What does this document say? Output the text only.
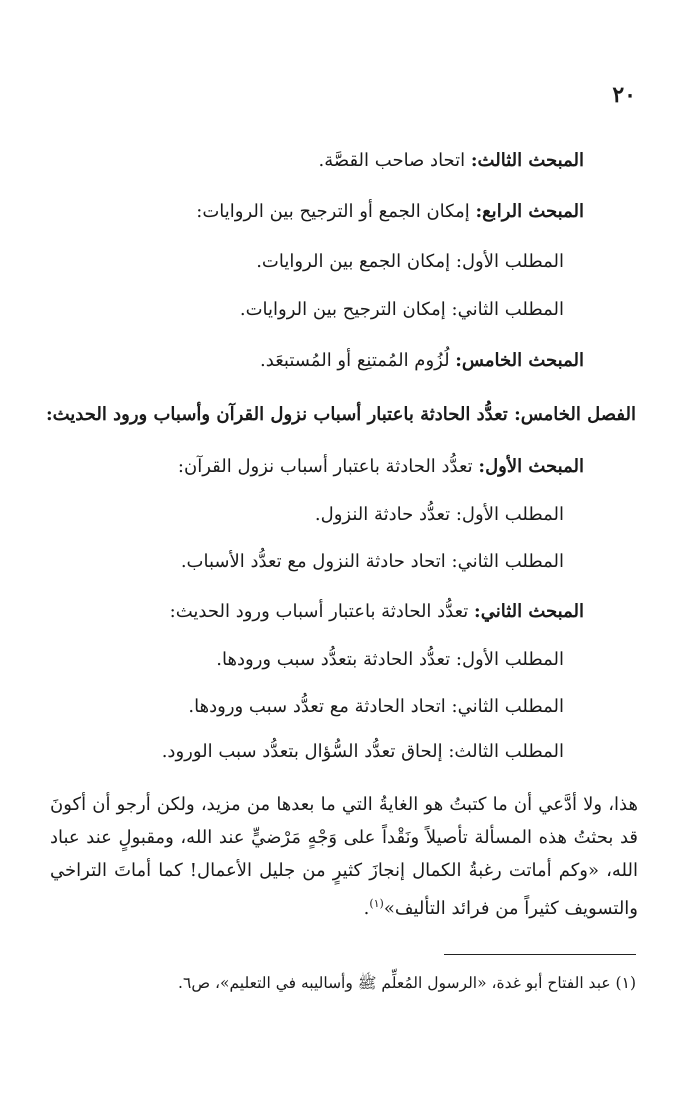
٢٠
المبحث الثالث: اتحاد صاحب القصَّة.
المبحث الرابع: إمكان الجمع أو الترجيح بين الروايات:
المطلب الأول: إمكان الجمع بين الروايات.
المطلب الثاني: إمكان الترجيح بين الروايات.
المبحث الخامس: لُزُوم المُمتنِع أو المُستبعَد.
الفصل الخامس: تعدُّد الحادثة باعتبار أسباب نزول القرآن وأسباب ورود الحديث:
المبحث الأول: تعدُّد الحادثة باعتبار أسباب نزول القرآن:
المطلب الأول: تعدُّد حادثة النزول.
المطلب الثاني: اتحاد حادثة النزول مع تعدُّد الأسباب.
المبحث الثاني: تعدُّد الحادثة باعتبار أسباب ورود الحديث:
المطلب الأول: تعدُّد الحادثة بتعدُّد سبب ورودها.
المطلب الثاني: اتحاد الحادثة مع تعدُّد سبب ورودها.
المطلب الثالث: إلحاق تعدُّد السُّؤال بتعدُّد سبب الورود.
هذا، ولا أدَّعي أن ما كتبتُ هو الغايةُ التي ما بعدها من مزيد، ولكن أرجو أن أكونَ قد بحثتُ هذه المسألة تأصيلاً ونَقْداً على وَجْهٍ مَرْضيٍّ عند الله، ومقبولٍ عند عباد الله، «وكم أماتت رغبةُ الكمال إنجازَ كثيرٍ من جليل الأعمال! كما أماتَ التراخي والتسويف كثيراً من فرائد التأليف»$^{(١)}$.
(١) عبد الفتاح أبو غدة، «الرسول المُعلِّم ﷺ وأساليبه في التعليم»، ص٦.
